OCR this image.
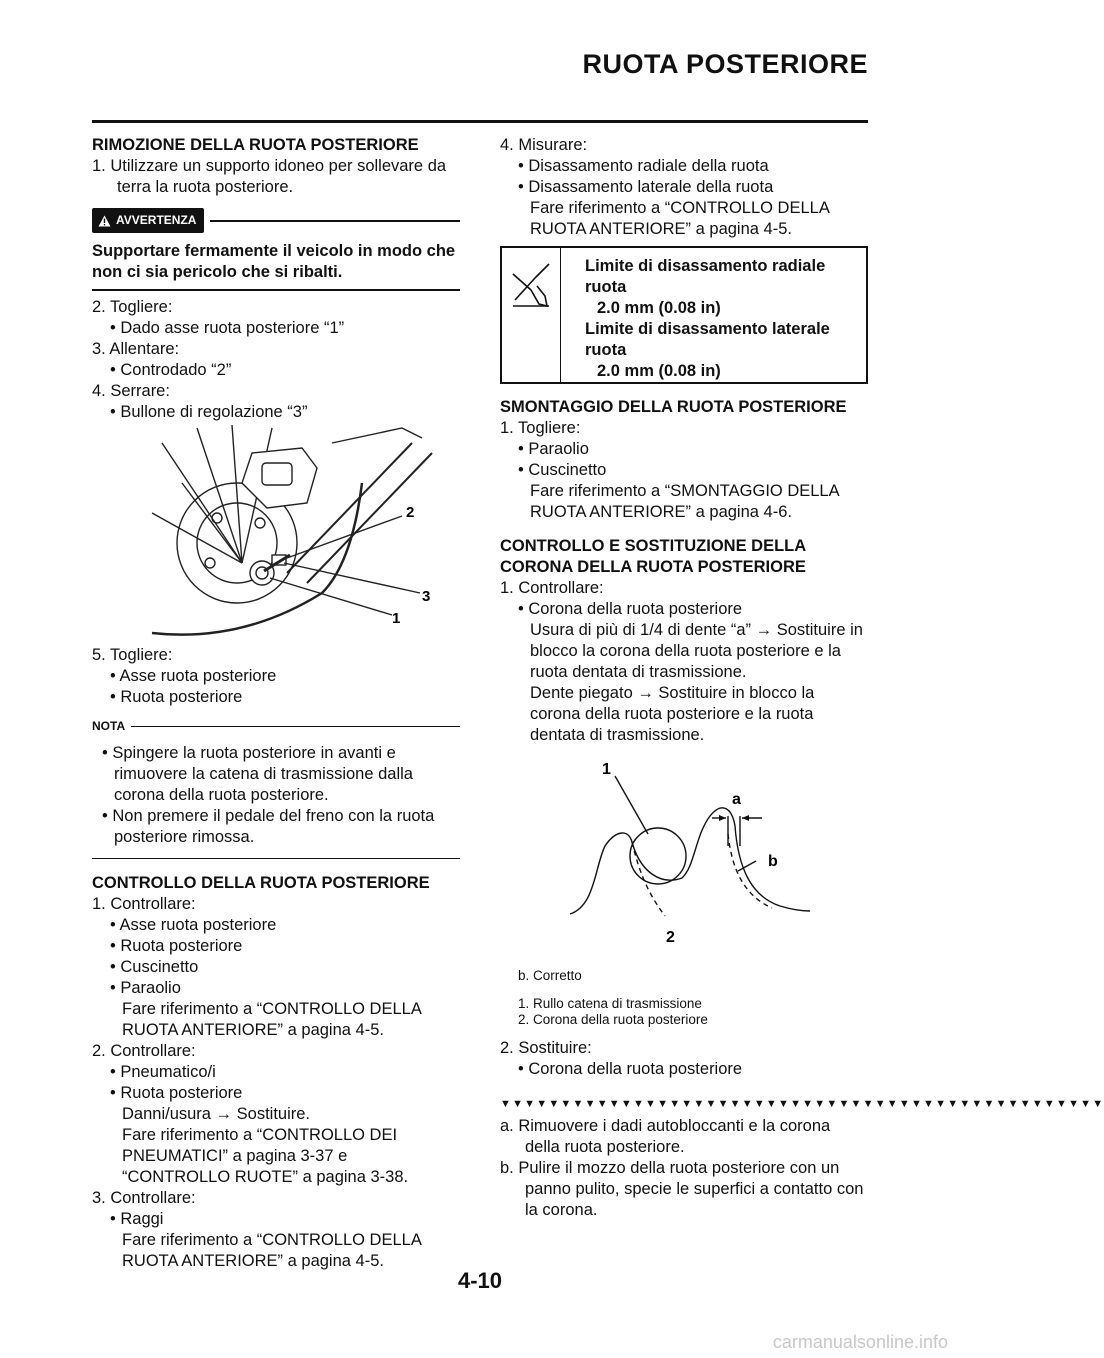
RUOTA POSTERIORE

RIMOZIONE DELLA RUOTA POSTERIORE

1. Utilizzare un supporto idoneo per sollevare da terra la ruota posteriore.
AVVERTENZA
Supportare fermamente il veicolo in modo che non ci sia pericolo che si ribalti.
2. Togliere:
• Dado asse ruota posteriore “1”
3. Allentare:
• Controdado “2”
4. Serrare:
• Bullone di regolazione “3”
2
3
1
5. Togliere:
• Asse ruota posteriore
• Ruota posteriore
NOTA
• Spingere la ruota posteriore in avanti e rimuovere la catena di trasmissione dalla corona della ruota posteriore.
• Non premere il pedale del freno con la ruota posteriore rimossa.

CONTROLLO DELLA RUOTA POSTERIORE

1. Controllare:
• Asse ruota posteriore
• Ruota posteriore
• Cuscinetto
• Paraolio
Fare riferimento a “CONTROLLO DELLA RUOTA ANTERIORE” a pagina 4-5.
2. Controllare:
• Pneumatico/i
• Ruota posteriore
Danni/usura → Sostituire.
Fare riferimento a “CONTROLLO DEI PNEUMATICI” a pagina 3-37 e “CONTROLLO RUOTE” a pagina 3-38.
3. Controllare:
• Raggi
Fare riferimento a “CONTROLLO DELLA RUOTA ANTERIORE” a pagina 4-5.
4. Misurare:
• Disassamento radiale della ruota
• Disassamento laterale della ruota
Fare riferimento a “CONTROLLO DELLA RUOTA ANTERIORE” a pagina 4-5.
Limite di disassamento radiale ruota
2.0 mm (0.08 in)
Limite di disassamento laterale ruota
2.0 mm (0.08 in)

SMONTAGGIO DELLA RUOTA POSTERIORE

1. Togliere:
• Paraolio
• Cuscinetto
Fare riferimento a “SMONTAGGIO DELLA RUOTA ANTERIORE” a pagina 4-6.

CONTROLLO E SOSTITUZIONE DELLA CORONA DELLA RUOTA POSTERIORE

1. Controllare:
• Corona della ruota posteriore
Usura di più di 1/4 di dente “a” → Sostituire in blocco la corona della ruota posteriore e la ruota dentata di trasmissione.
Dente piegato → Sostituire in blocco la corona della ruota posteriore e la ruota dentata di trasmissione.
1
a
b
2
b. Corretto
1. Rullo catena di trasmissione
2. Corona della ruota posteriore
2. Sostituire:
• Corona della ruota posteriore
▼▼▼▼▼▼▼▼▼▼▼▼▼▼▼▼▼▼▼▼▼▼▼▼▼▼▼▼▼▼▼▼▼▼▼▼▼▼▼▼▼▼▼▼▼▼▼▼▼▼
a. Rimuovere i dadi autobloccanti e la corona della ruota posteriore.
b. Pulire il mozzo della ruota posteriore con un panno pulito, specie le superfici a contatto con la corona.
4-10
carmanualsonline.info
